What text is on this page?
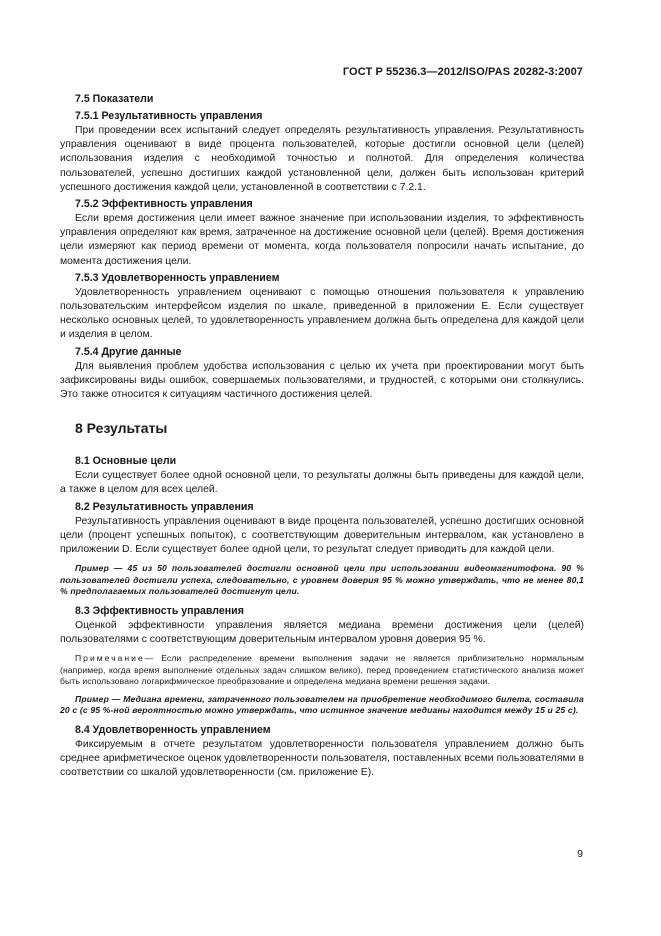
ГОСТ Р 55236.3—2012/ISO/PAS 20282-3:2007
7.5 Показатели
7.5.1 Результативность управления

При проведении всех испытаний следует определять результативность управления. Результативность управления оценивают в виде процента пользователей, которые достигли основной цели (целей) использования изделия с необходимой точностью и полнотой. Для определения количества пользователей, успешно достигших каждой установленной цели, должен быть использован критерий успешного достижения каждой цели, установленной в соответствии с 7.2.1.

7.5.2 Эффективность управления

Если время достижения цели имеет важное значение при использовании изделия, то эффективность управления определяют как время, затраченное на достижение основной цели (целей). Время достижения цели измеряют как период времени от момента, когда пользователя попросили начать испытание, до момента достижения цели.

7.5.3 Удовлетворенность управлением

Удовлетворенность управлением оценивают с помощью отношения пользователя к управлению пользовательским интерфейсом изделия по шкале, приведенной в приложении Е. Если существует несколько основных целей, то удовлетворенность управлением должна быть определена для каждой цели и изделия в целом.

7.5.4 Другие данные

Для выявления проблем удобства использования с целью их учета при проектировании могут быть зафиксированы виды ошибок, совершаемых пользователями, и трудностей, с которыми они столкнулись. Это также относится к ситуациям частичного достижения целей.

8 Результаты
8.1 Основные цели

Если существует более одной основной цели, то результаты должны быть приведены для каждой цели, а также в целом для всех целей.

8.2 Результативность управления

Результативность управления оценивают в виде процента пользователей, успешно достигших основной цели (процент успешных попыток), с соответствующим доверительным интервалом, как установлено в приложении D. Если существует более одной цели, то результат следует приводить для каждой цели.

Пример — 45 из 50 пользователей достигли основной цели при использовании видеомагнитофона. 90 % пользователей достигли успеха, следовательно, с уровнем доверия 95 % можно утверждать, что не менее 80,1 % предполагаемых пользователей достигнут цели.

8.3 Эффективность управления

Оценкой эффективности управления является медиана времени достижения цели (целей) пользователями с соответствующим доверительным интервалом уровня доверия 95 %.

Примечание— Если распределение времени выполнения задачи не является приблизительно нормальным (например, когда время выполнение отдельных задач слишком велико), перед проведением статистического анализа может быть использовано логарифмическое преобразование и определена медиана времени решения задачи.

Пример — Медиана времени, затраченного пользователем на приобретение необходимого билета, составила 20 с (с 95 %-ной вероятностью можно утверждать, что истинное значение медианы находится между 15 и 25 с).

8.4 Удовлетворенность управлением

Фиксируемым в отчете результатом удовлетворенности пользователя управлением должно быть среднее арифметическое оценок удовлетворенности пользователя, поставленных всеми пользователями в соответствии со шкалой удовлетворенности (см. приложение Е).

9
